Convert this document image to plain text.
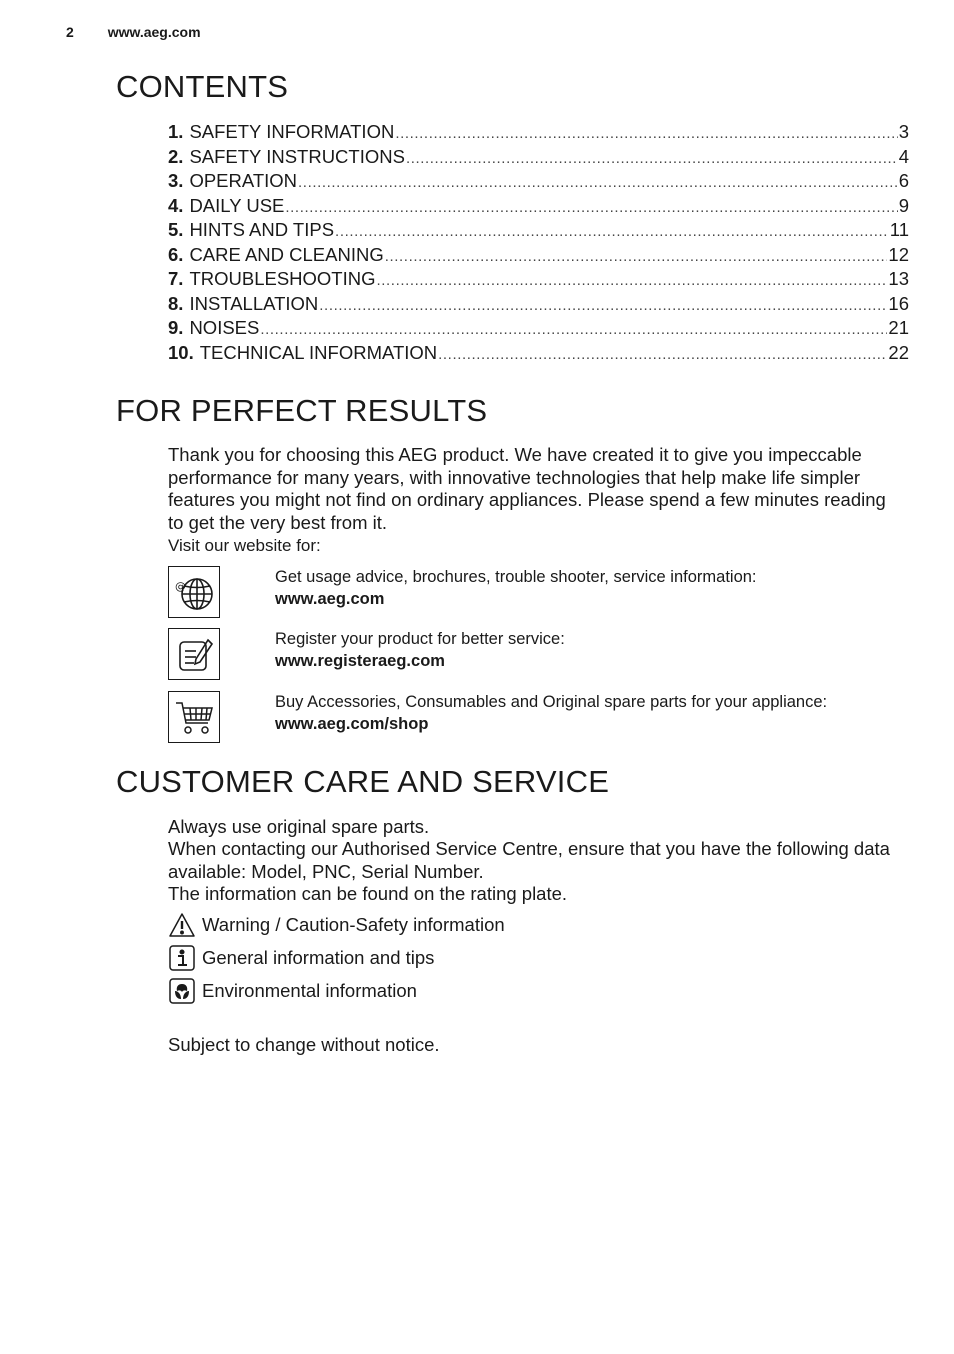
2 www.aeg.com
CONTENTS
1. SAFETY INFORMATION .....	3
2. SAFETY INSTRUCTIONS .....	4
3. OPERATION .....	6
4. DAILY USE .....	9
5. HINTS AND TIPS .....	11
6. CARE AND CLEANING .....	12
7. TROUBLESHOOTING .....	13
8. INSTALLATION .....	16
9. NOISES .....	21
10. TECHNICAL INFORMATION .....	22
FOR PERFECT RESULTS
Thank you for choosing this AEG product. We have created it to give you impeccable performance for many years, with innovative technologies that help make life simpler features you might not find on ordinary appliances. Please spend a few minutes reading to get the very best from it.
Visit our website for:
@
Get usage advice, brochures, trouble shooter, service information:
www.aeg.com
Register your product for better service:
www.registeraeg.com
Buy Accessories, Consumables and Original spare parts for your appliance:
www.aeg.com/shop
CUSTOMER CARE AND SERVICE
Always use original spare parts.
When contacting our Authorised Service Centre, ensure that you have the following data available: Model, PNC, Serial Number.
The information can be found on the rating plate.
Warning / Caution-Safety information
General information and tips
Environmental information
Subject to change without notice.
